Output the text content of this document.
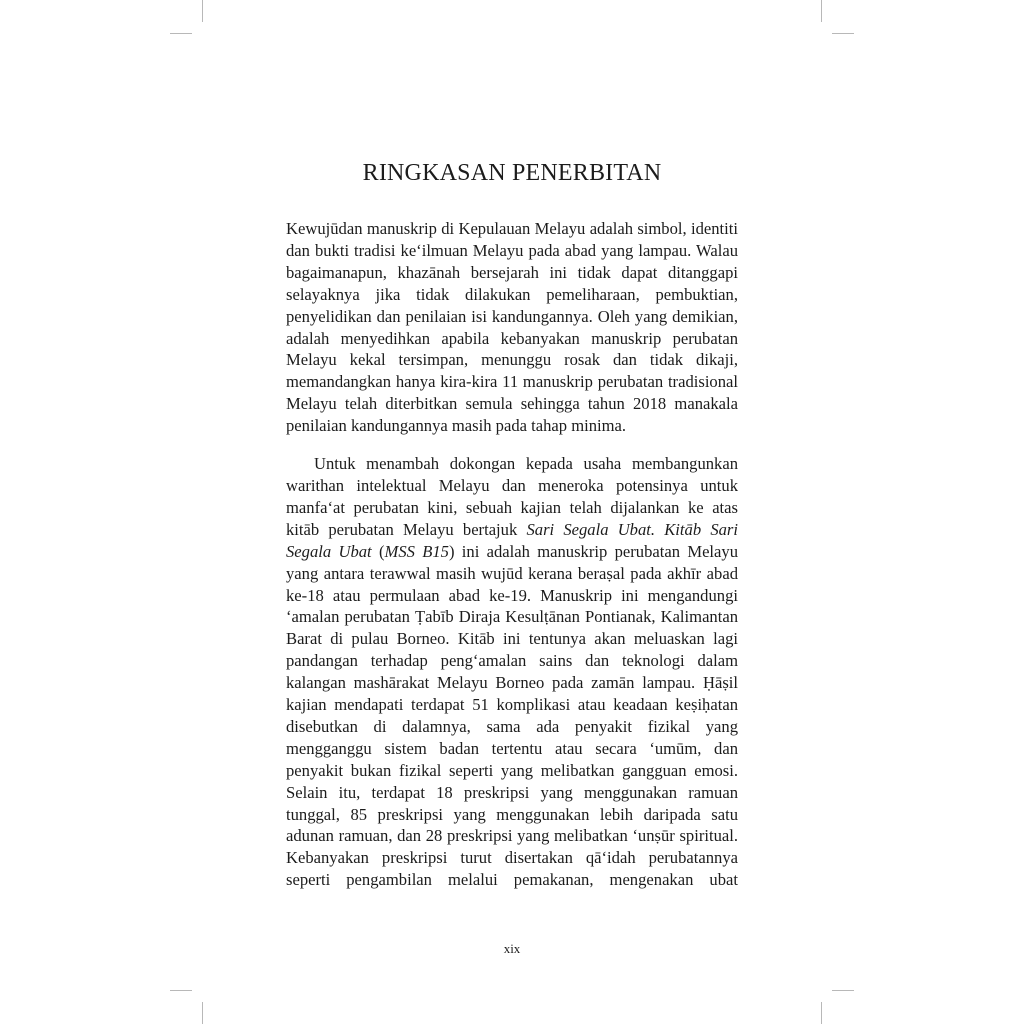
RINGKASAN PENERBITAN

Kewujūdan manuskrip di Kepulauan Melayu adalah simbol, identiti dan bukti tradisi keʻilmuan Melayu pada abad yang lampau. Walau bagaimanapun, khazānah bersejarah ini tidak dapat ditanggapi selayaknya jika tidak dilakukan pemeliharaan, pembuktian, penyelidikan dan penilaian isi kandungannya. Oleh yang demikian, adalah menyedihkan apabila kebanyakan manuskrip perubatan Melayu kekal tersimpan, menunggu rosak dan tidak dikaji, memandangkan hanya kira-kira 11 manuskrip perubatan tradisional Melayu telah diterbitkan semula sehingga tahun 2018 manakala penilaian kandungannya masih pada tahap minima.

Untuk menambah dokongan kepada usaha membangunkan warithan intelektual Melayu dan meneroka potensinya untuk manfaʻat perubatan kini, sebuah kajian telah dijalankan ke atas kitāb perubatan Melayu bertajuk Sari Segala Ubat. Kitāb Sari Segala Ubat (MSS B15) ini adalah manuskrip perubatan Melayu yang antara terawwal masih wujūd kerana beraṣal pada akhīr abad ke-18 atau permulaan abad ke-19. Manuskrip ini mengandungi ʻamalan perubatan Ṭabīb Diraja Kesulṭānan Pontianak, Kalimantan Barat di pulau Borneo. Kitāb ini tentunya akan meluaskan lagi pandangan terhadap pengʻamalan sains dan teknologi dalam kalangan mashārakat Melayu Borneo pada zamān lampau. Ḥāṣil kajian mendapati terdapat 51 komplikasi atau keadaan keṣiḥatan disebutkan di dalamnya, sama ada penyakit fizikal yang mengganggu sistem badan tertentu atau secara ʻumūm, dan penyakit bukan fizikal seperti yang melibatkan gangguan emosi. Selain itu, terdapat 18 preskripsi yang menggunakan ramuan tunggal, 85 preskripsi yang menggunakan lebih daripada satu adunan ramuan, dan 28 preskripsi yang melibatkan ʻunṣūr spiritual. Kebanyakan preskripsi turut disertakan qāʻidah perubatannya seperti pengambilan melalui pemakanan, mengenakan ubat

xix
